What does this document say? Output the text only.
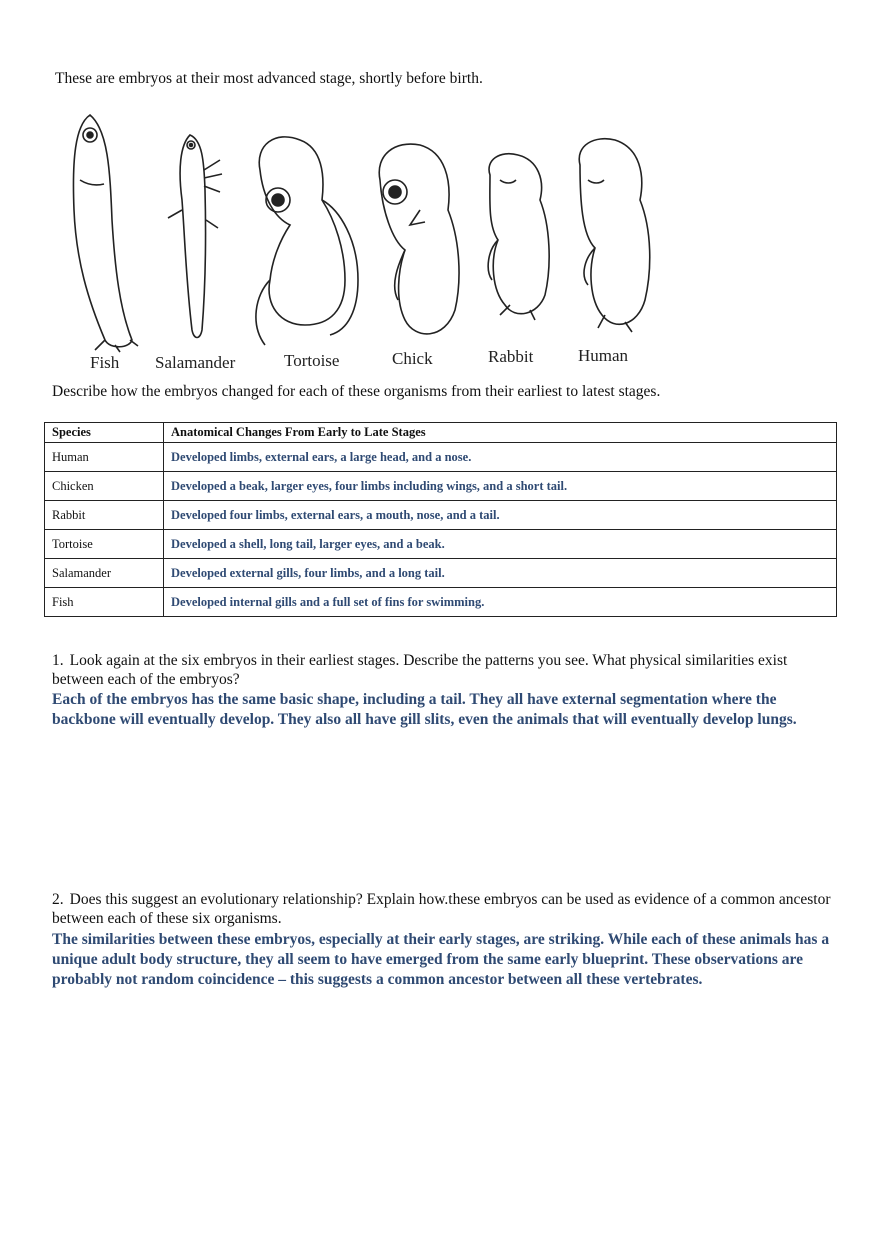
These are embryos at their most advanced stage, shortly before birth.
Fish Salamander	Tortoise	Chick	Rabbit	Human
Describe how the embryos changed for each of these organisms from their earliest to latest stages.
Species	Anatomical Changes From Early to Late Stages
Human	Developed limbs, external ears, a large head, and a nose.
Chicken	Developed a beak, larger eyes, four limbs including wings, and a short tail.
Rabbit	Developed four limbs, external ears, a mouth, nose, and a tail.
Tortoise	Developed a shell, long tail, larger eyes, and a beak.
Salamander	Developed external gills, four limbs, and a long tail.
Fish	Developed internal gills and a full set of fins for swimming.
1. Look again at the six embryos in their earliest stages. Describe the patterns you see. What physical similarities exist between each of the embryos?
Each of the embryos has the same basic shape, including a tail. They all have external segmentation where the backbone will eventually develop. They also all have gill slits, even the animals that will eventually develop lungs.
2. Does this suggest an evolutionary relationship? Explain how.these embryos can be used as evidence of a common ancestor between each of these six organisms.
The similarities between these embryos, especially at their early stages, are striking. While each of these animals has a unique adult body structure, they all seem to have emerged from the same early blueprint. These observations are probably not random coincidence – this suggests a common ancestor between all these vertebrates.
